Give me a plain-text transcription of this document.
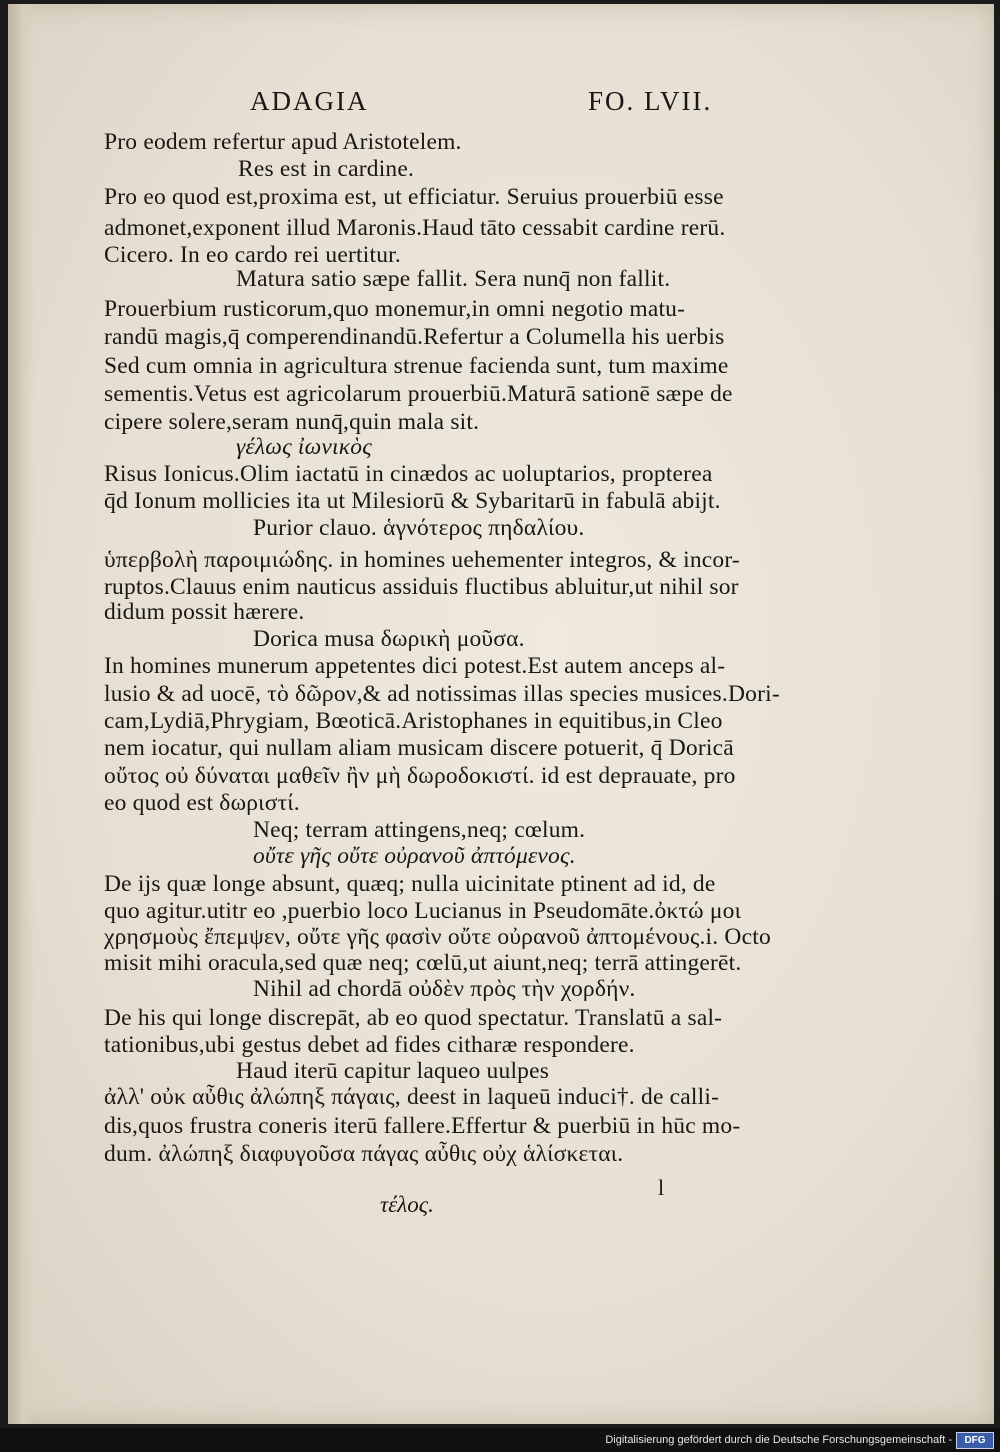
ADAGIA	FO. LVII.
Pro eodem refertur apud Aristotelem.
Res est in cardine.
Pro eo quod est,proxima est, ut efficiatur. Seruius prouerbiū esse
admonet,exponent illud Maronis.Haud tāto cessabit cardine rerū.
Cicero. In eo cardo rei uertitur.
Matura satio sæpe fallit. Sera nunq̄ non fallit.
Prouerbium rusticorum,quo monemur,in omni negotio matu-
randū magis,q̄ comperendinandū.Refertur a Columella his uerbis
Sed cum omnia in agricultura strenue facienda sunt, tum maxime
sementis.Vetus est agricolarum prouerbiū.Maturā sationē sæpe de
cipere solere,seram nunq̄,quin mala sit.
γέλως ἰωνικὸς
Risus Ionicus.Olim iactatū in cinædos ac uoluptarios, propterea
q̄d Ionum mollicies ita ut Milesiorū & Sybaritarū in fabulā abijt.
Purior clauo. ἁγνότερος πηδαλίου.
ὑπερβολὴ παροιμιώδης. in homines uehementer integros, & incor-
ruptos.Clauus enim nauticus assiduis fluctibus abluitur,ut nihil sor
didum possit hærere.
Dorica musa δωρικὴ μοῦσα.
In homines munerum appetentes dici potest.Est autem anceps al-
lusio & ad uocē, τὸ δῶρον,& ad notissimas illas species musices.Dori-
cam,Lydiā,Phrygiam, Bœoticā.Aristophanes in equitibus,in Cleo
nem iocatur, qui nullam aliam musicam discere potuerit, q̄ Doricā
οὔτος οὐ δύναται μαθεῖν ἢν μὴ δωροδοκιστί. id est deprauate, pro
eo quod est δωριστί.
Neq; terram attingens,neq; cœlum.
οὔτε γῆς οὔτε οὐρανοῦ ἀπτόμενος.
De ijs quæ longe absunt, quæq; nulla uicinitate ptinent ad id, de
quo agitur.utitr eo ,puerbio loco Lucianus in Pseudomāte.ὀκτώ μοι
χρησμοὺς ἔπεμψεν, οὔτε γῆς φασὶν οὔτε οὐρανοῦ ἀπτομένους.i. Octo
misit mihi oracula,sed quæ neq; cœlū,ut aiunt,neq; terrā attingerēt.
Nihil ad chordā οὐδὲν πρὸς τὴν χορδήν.
De his qui longe discrepāt, ab eo quod spectatur. Translatū a sal-
tationibus,ubi gestus debet ad fides citharæ respondere.
Haud iterū capitur laqueo uulpes
ἀλλ' οὐκ αὖθις ἀλώπηξ πάγαις, deest in laqueū induci†. de calli-
dis,quos frustra coneris iterū fallere.Effertur & puerbiū in hūc mo-
dum. ἀλώπηξ διαφυγοῦσα πάγας αὖθις οὐχ ἁλίσκεται.
l
τέλος.
Digitalisierung gefördert durch die Deutsche Forschungsgemeinschaft -	DFG
